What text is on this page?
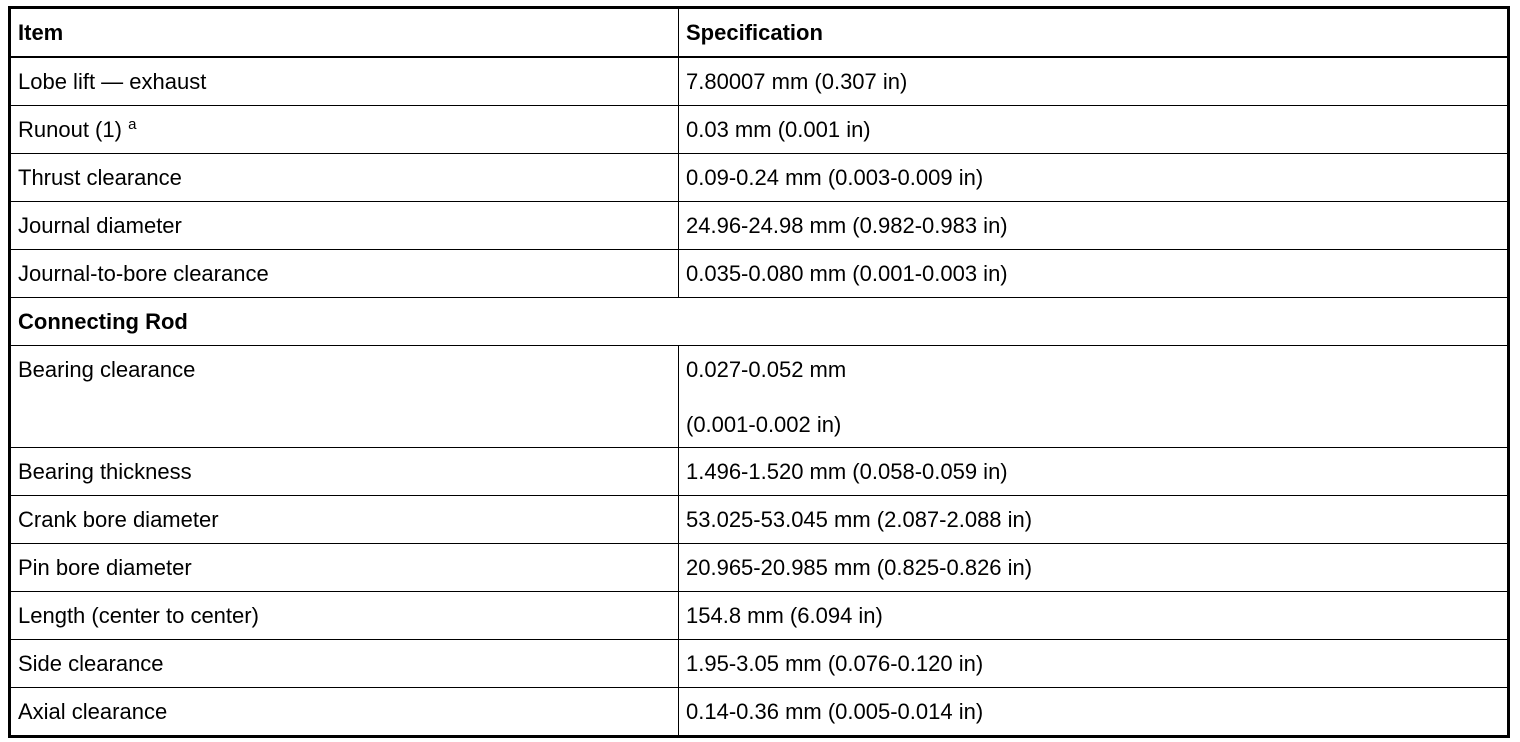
Item	Specification
Lobe lift — exhaust	7.80007 mm (0.307 in)
Runout (1) $^a$	0.03 mm (0.001 in)
Thrust clearance	0.09-0.24 mm (0.003-0.009 in)
Journal diameter	24.96-24.98 mm (0.982-0.983 in)
Journal-to-bore clearance	0.035-0.080 mm (0.001-0.003 in)
Connecting Rod	

Bearing clearance	0.027-0.052 mm
(0.001-0.002 in)

Bearing thickness	1.496-1.520 mm (0.058-0.059 in)
Crank bore diameter	53.025-53.045 mm (2.087-2.088 in)
Pin bore diameter	20.965-20.985 mm (0.825-0.826 in)
Length (center to center)	154.8 mm (6.094 in)
Side clearance	1.95-3.05 mm (0.076-0.120 in)
Axial clearance	0.14-0.36 mm (0.005-0.014 in)
